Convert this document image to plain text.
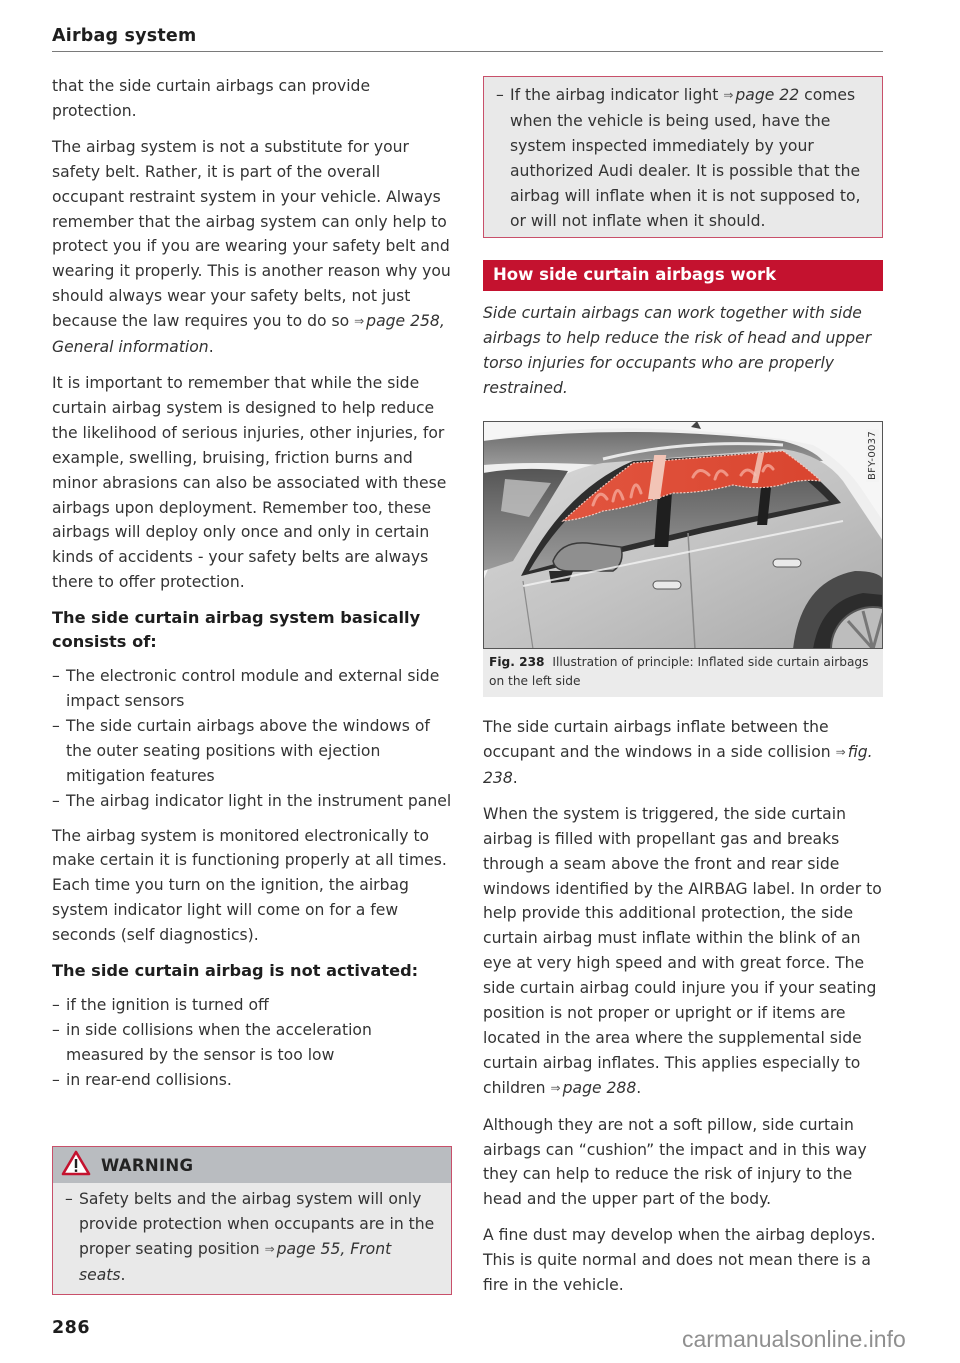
Airbag system

that the side curtain airbags can provide protection.

The airbag system is not a substitute for your safety belt. Rather, it is part of the overall occupant restraint system in your vehicle. Always remember that the airbag system can only help to protect you if you are wearing your safety belt and wearing it properly. This is another reason why you should always wear your safety belts, not just because the law requires you to do so ⇒ page 258, General information.

It is important to remember that while the side curtain airbag system is designed to help reduce the likelihood of serious injuries, other injuries, for example, swelling, bruising, friction burns and minor abrasions can also be associated with these airbags upon deployment. Remember too, these airbags will deploy only once and only in certain kinds of accidents - your safety belts are always there to offer protection.

The side curtain airbag system basically consists of:
– The electronic control module and external side impact sensors
– The side curtain airbags above the windows of the outer seating positions with ejection mitigation features
– The airbag indicator light in the instrument panel

The airbag system is monitored electronically to make certain it is functioning properly at all times. Each time you turn on the ignition, the airbag system indicator light will come on for a few seconds (self diagnostics).

The side curtain airbag is not activated:
– if the ignition is turned off
– in side collisions when the acceleration measured by the sensor is too low
– in rear-end collisions.
WARNING
– Safety belts and the airbag system will only provide protection when occupants are in the proper seating position ⇒ page 55, Front seats.
– If the airbag indicator light ⇒ page 22 comes when the vehicle is being used, have the system inspected immediately by your authorized Audi dealer. It is possible that the airbag will inflate when it is not supposed to, or will not inflate when it should.
How side curtain airbags work
Side curtain airbags can work together with side airbags to help reduce the risk of head and upper torso injuries for occupants who are properly restrained.
BFY-0037
Fig. 238 Illustration of principle: Inflated side curtain airbags on the left side

The side curtain airbags inflate between the occupant and the windows in a side collision ⇒ fig. 238.

When the system is triggered, the side curtain airbag is filled with propellant gas and breaks through a seam above the front and rear side windows identified by the AIRBAG label. In order to help provide this additional protection, the side curtain airbag must inflate within the blink of an eye at very high speed and with great force. The side curtain airbag could injure you if your seating position is not proper or upright or if items are located in the area where the supplemental side curtain airbag inflates. This applies especially to children ⇒ page 288.

Although they are not a soft pillow, side curtain airbags can “cushion” the impact and in this way they can help to reduce the risk of injury to the head and the upper part of the body.

A fine dust may develop when the airbag deploys. This is quite normal and does not mean there is a fire in the vehicle.

286	carmanualsonline.info
